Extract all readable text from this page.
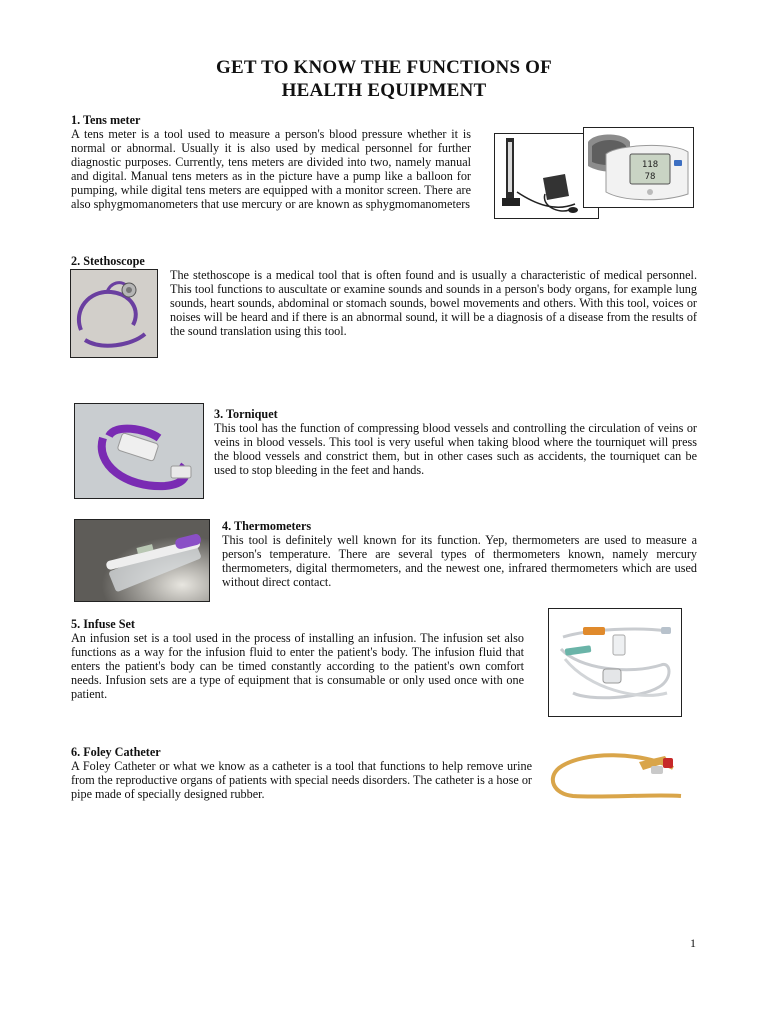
GET TO KNOW THE FUNCTIONS OF
HEALTH EQUIPMENT

1. Tens meter

A tens meter is a tool used to measure a person's blood pressure whether it is normal or abnormal. Usually it is also used by medical personnel for further diagnostic purposes. Currently, tens meters are divided into two, namely manual and digital. Manual tens meters as in the picture have a pump like a balloon for pumping, while digital tens meters are equipped with a monitor screen. There are also sphygmomanometers that use mercury or are known as sphygmomanometers

118
78

2. Stethoscope

The stethoscope is a medical tool that is often found and is usually a characteristic of medical personnel. This tool functions to auscultate or examine sounds and sounds in a person's body organs, for example lung sounds, heart sounds, abdominal or stomach sounds, bowel movements and others. With this tool, voices or noises will be heard and if there is an abnormal sound, it will be a diagnosis of a disease from the results of the sound translation using this tool.

3. Torniquet

This tool has the function of compressing blood vessels and controlling the circulation of veins or veins in blood vessels. This tool is very useful when taking blood where the tourniquet will press the blood vessels and constrict them, but in other cases such as accidents, the tourniquet can be used to stop bleeding in the feet and hands.

4. Thermometers

This tool is definitely well known for its function. Yep, thermometers are used to measure a person's temperature. There are several types of thermometers known, namely mercury thermometers, digital thermometers, and the newest one, infrared thermometers which are used without direct contact.

5. Infuse Set

An infusion set is a tool used in the process of installing an infusion. The infusion set also functions as a way for the infusion fluid to enter the patient's body. The infusion fluid that enters the patient's body can be timed constantly according to the patient's own comfort needs. Infusion sets are a type of equipment that is consumable or only used once with one patient.

6. Foley Catheter

A Foley Catheter or what we know as a catheter is a tool that functions to help remove urine from the reproductive organs of patients with special needs disorders. The catheter is a hose or pipe made of specially designed rubber.

1
